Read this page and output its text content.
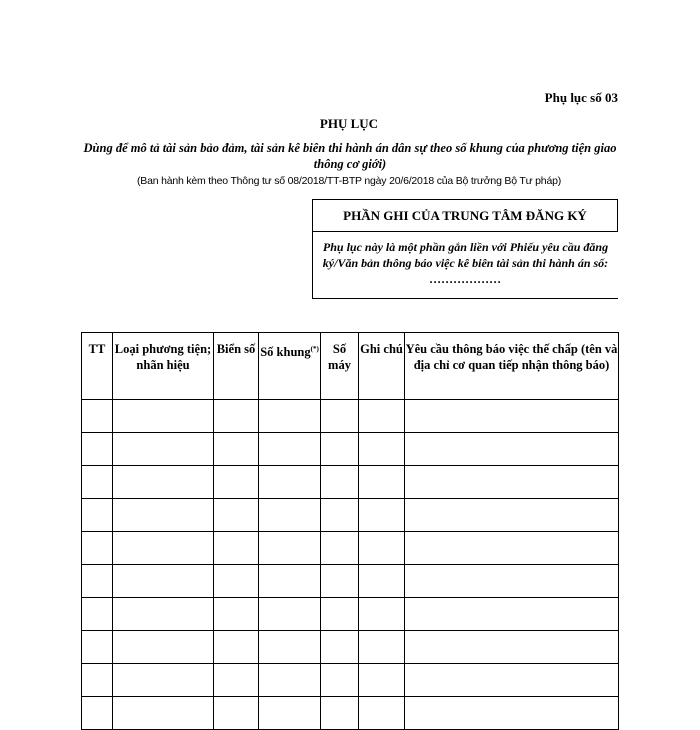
Phụ lục số 03
PHỤ LỤC
Dùng để mô tả tài sản bảo đảm, tài sản kê biên thi hành án dân sự theo số khung của phương tiện giao thông cơ giới)
(Ban hành kèm theo Thông tư số 08/2018/TT-BTP ngày 20/6/2018 của Bộ trưởng Bộ Tư pháp)
PHẦN GHI CỦA TRUNG TÂM ĐĂNG KÝ
Phụ lục này là một phần gắn liền với Phiếu yêu cầu đăng ký/Văn bản thông báo việc kê biên tài sản thi hành án số: ………………
TT	Loại phương tiện; nhãn hiệu	Biển số	Số khung(*)	Số máy	Ghi chú	Yêu cầu thông báo việc thế chấp (tên và địa chỉ cơ quan tiếp nhận thông báo)
